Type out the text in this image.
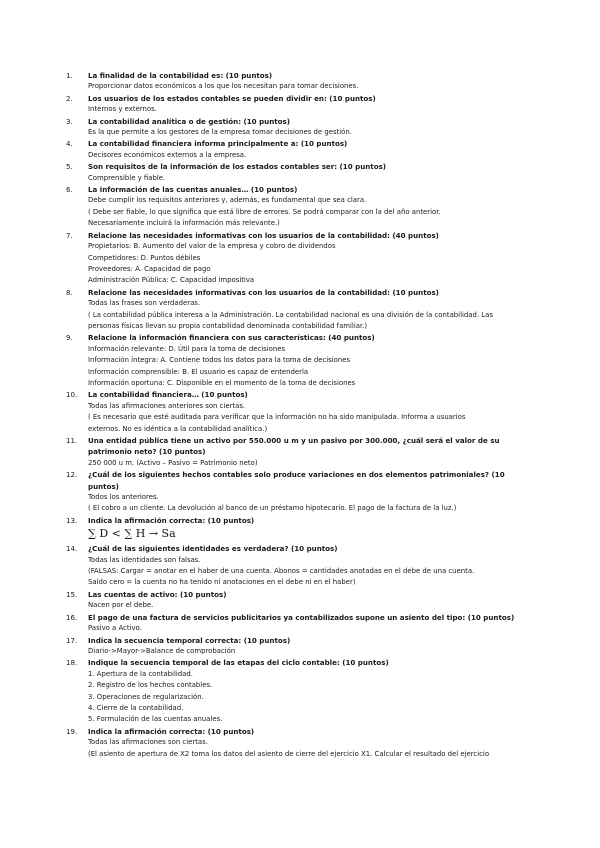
1. La finalidad de la contabilidad es: (10 puntos)
Proporcionar datos económicos a los que los necesitan para tomar decisiones.
2. Los usuarios de los estados contables se pueden dividir en: (10 puntos)
Internos y externos.
3. La contabilidad analítica o de gestión: (10 puntos)
Es la que permite a los gestores de la empresa tomar decisiones de gestión.
4. La contabilidad financiera informa principalmente a: (10 puntos)
Decisores económicos externos a la empresa.
5. Son requisitos de la información de los estados contables ser: (10 puntos)
Comprensible y fiable.
6. La información de las cuentas anuales… (10 puntos)
Debe cumplir los requisitos anteriores y, además, es fundamental que sea clara.
( Debe ser fiable, lo que significa que está libre de errores. Se podrá comparar con la del año anterior.
Necesariamente incluirá la información más relevante.)
7. Relacione las necesidades informativas con los usuarios de la contabilidad: (40 puntos)
Propietarios: B. Aumento del valor de la empresa y cobro de dividendos
Competidores: D. Puntos débiles
Proveedores: A. Capacidad de pago
Administración Pública: C. Capacidad impositiva
8. Relacione las necesidades informativas con los usuarios de la contabilidad: (10 puntos)
Todas las frases son verdaderas.
( La contabilidad pública interesa a la Administración. La contabilidad nacional es una división de la contabilidad. Las
personas físicas llevan su propia contabilidad denominada contabilidad familiar.)
9. Relacione la información financiera con sus características: (40 puntos)
Información relevante: D. Útil para la toma de decisiones
Información íntegra: A. Contiene todos los datos para la toma de decisiones
Información comprensible: B. El usuario es capaz de entenderla
Información oportuna: C. Disponible en el momento de la toma de decisiones
10. La contabilidad financiera… (10 puntos)
Todas las afirmaciones anteriores son ciertas.
( Es necesario que esté auditada para verificar que la información no ha sido manipulada. Informa a usuarios
externos. No es idéntica a la contabilidad analítica.)
11. Una entidad pública tiene un activo por 550.000 u m y un pasivo por 300.000, ¿cuál será el valor de su patrimonio neto? (10 puntos)
250 000 u m. (Activo – Pasivo = Patrimonio neto)
12. ¿Cuál de los siguientes hechos contables solo produce variaciones en dos elementos patrimoniales? (10 puntos)
Todos los anteriores.
( El cobro a un cliente. La devolución al banco de un préstamo hipotecario. El pago de la factura de la luz.)
13. Indica la afirmación correcta: (10 puntos)
∑ D < ∑ H → Sa
14. ¿Cuál de las siguientes identidades es verdadera? (10 puntos)
Todas las identidades son falsas.
(FALSAS: Cargar = anotar en el haber de una cuenta. Abonos = cantidades anotadas en el debe de una cuenta.
Saldo cero = la cuenta no ha tenido ni anotaciones en el debe ni en el haber)
15. Las cuentas de activo: (10 puntos)
Nacen por el debe.
16. El pago de una factura de servicios publicitarios ya contabilizados supone un asiento del tipo: (10 puntos)
Pasivo a Activo.
17. Indica la secuencia temporal correcta: (10 puntos)
Diario->Mayor->Balance de comprobación
18. Indique la secuencia temporal de las etapas del ciclo contable: (10 puntos)
1. Apertura de la contabilidad.
2. Registro de los hechos contables.
3. Operaciones de regularización.
4. Cierre de la contabilidad.
5. Formulación de las cuentas anuales.
19. Indica la afirmación correcta: (10 puntos)
Todas las afirmaciones son ciertas.
(El asiento de apertura de X2 toma los datos del asiento de cierre del ejercicio X1. Calcular el resultado del ejercicio
